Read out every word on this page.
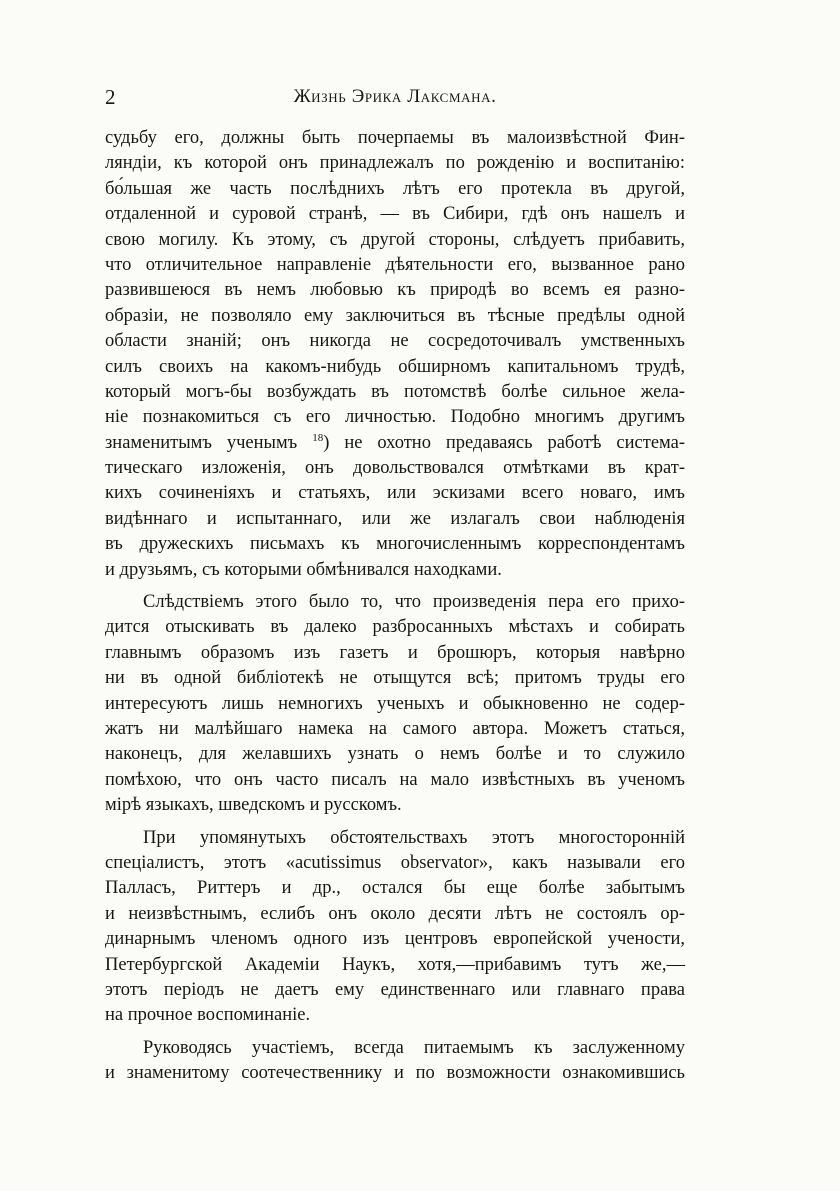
2	Жизнь Эрика Лаксмана.
судьбу его, должны быть почерпаемы въ малоизвѣстной Фин-
ляндіи, къ которой онъ принадлежалъ по рожденію и воспитанію:
бо́льшая же часть послѣднихъ лѣтъ его протекла въ другой,
отдаленной и суровой странѣ, — въ Сибири, гдѣ онъ нашелъ и
свою могилу. Къ этому, съ другой стороны, слѣдуетъ прибавить,
что отличительное направленіе дѣятельности его, вызванное рано
развившеюся въ немъ любовью къ природѣ во всемъ ея разно-
образіи, не позволяло ему заключиться въ тѣсные предѣлы одной
области знаній; онъ никогда не сосредоточивалъ умственныхъ
силъ своихъ на какомъ-нибудь обширномъ капитальномъ трудѣ,
который могъ-бы возбуждать въ потомствѣ болѣе сильное жела-
ніе познакомиться съ его личностью. Подобно многимъ другимъ
знаменитымъ ученымъ $^{18}$) не охотно предаваясь работѣ система-
тическаго изложенія, онъ довольствовался отмѣтками въ крат-
кихъ сочиненіяхъ и статьяхъ, или эскизами всего новаго, имъ
видѣннаго и испытаннаго, или же излагалъ свои наблюденія
въ дружескихъ письмахъ къ многочисленнымъ корреспондентамъ
и друзьямъ, съ которыми обмѣнивался находками.
Слѣдствіемъ этого было то, что произведенія пера его прихо-
дится отыскивать въ далеко разбросанныхъ мѣстахъ и собирать
главнымъ образомъ изъ газетъ и брошюръ, которыя навѣрно
ни въ одной библіотекѣ не отыщутся всѣ; притомъ труды его
интересуютъ лишь немногихъ ученыхъ и обыкновенно не содер-
жатъ ни малѣйшаго намека на самого автора. Можетъ статься,
наконецъ, для желавшихъ узнать о немъ болѣе и то служило
помѣхою, что онъ часто писалъ на мало извѣстныхъ въ ученомъ
мірѣ языкахъ, шведскомъ и русскомъ.
При упомянутыхъ обстоятельствахъ этотъ многосторонній
спеціалистъ, этотъ «acutissimus observator», какъ называли его
Палласъ, Риттеръ и др., остался бы еще болѣе забытымъ
и неизвѣстнымъ, еслибъ онъ около десяти лѣтъ не состоялъ ор-
динарнымъ членомъ одного изъ центровъ европейской учености,
Петербургской Академіи Наукъ, хотя,—прибавимъ тутъ же,—
этотъ періодъ не даетъ ему единственнаго или главнаго права
на прочное воспоминаніе.
Руководясь участіемъ, всегда питаемымъ къ заслуженному
и знаменитому соотечественнику и по возможности ознакомившись
